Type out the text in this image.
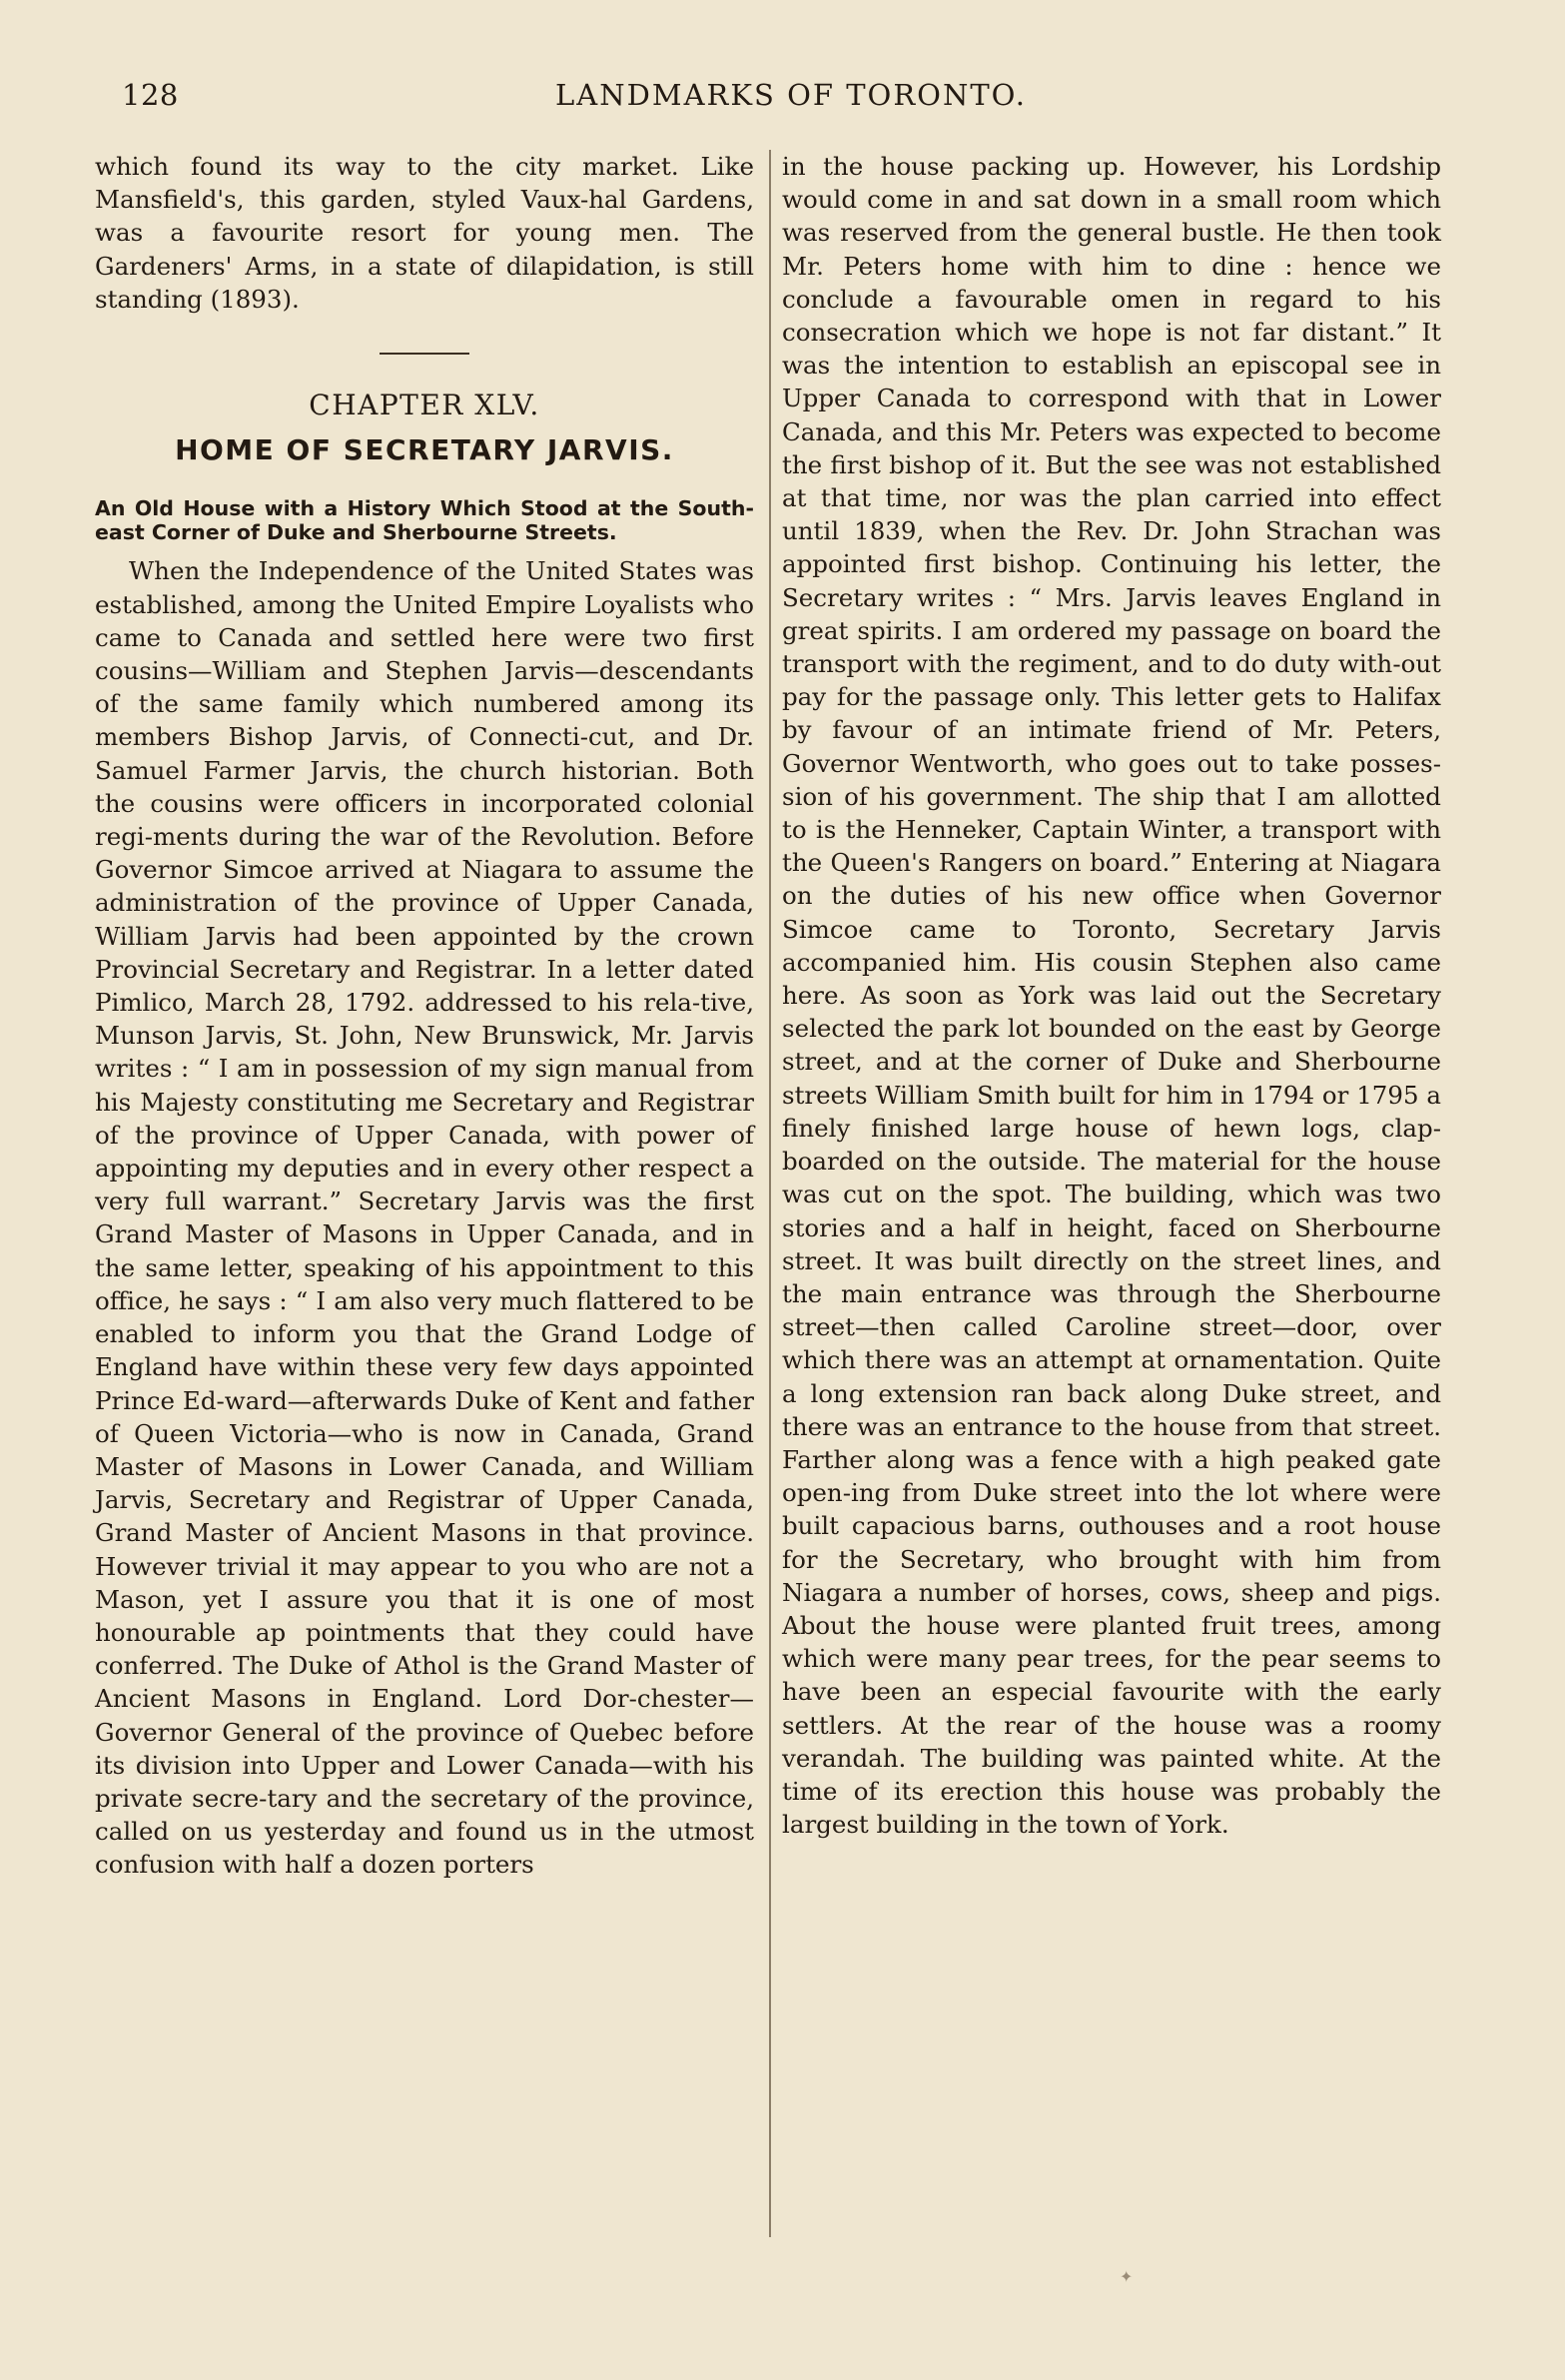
128	LANDMARKS OF TORONTO.

which found its way to the city market. Like Mansfield's, this garden, styled Vaux-hal Gardens, was a favourite resort for young men. The Gardeners' Arms, in a state of dilapidation, is still standing (1893).

CHAPTER XLV.
HOME OF SECRETARY JARVIS.
An Old House with a History Which Stood at the South-east Corner of Duke and Sherbourne Streets.

When the Independence of the United States was established, among the United Empire Loyalists who came to Canada and settled here were two first cousins—William and Stephen Jarvis—descendants of the same family which numbered among its members Bishop Jarvis, of Connecti-cut, and Dr. Samuel Farmer Jarvis, the church historian. Both the cousins were officers in incorporated colonial regi-ments during the war of the Revolution. Before Governor Simcoe arrived at Niagara to assume the administration of the province of Upper Canada, William Jarvis had been appointed by the crown Provincial Secretary and Registrar. In a letter dated Pimlico, March 28, 1792. addressed to his rela-tive, Munson Jarvis, St. John, New Brunswick, Mr. Jarvis writes : “ I am in possession of my sign manual from his Majesty constituting me Secretary and Registrar of the province of Upper Canada, with power of appointing my deputies and in every other respect a very full warrant.” Secretary Jarvis was the first Grand Master of Masons in Upper Canada, and in the same letter, speaking of his appointment to this office, he says : “ I am also very much flattered to be enabled to inform you that the Grand Lodge of England have within these very few days appointed Prince Ed-ward—afterwards Duke of Kent and father of Queen Victoria—who is now in Canada, Grand Master of Masons in Lower Canada, and William Jarvis, Secretary and Registrar of Upper Canada, Grand Master of Ancient Masons in that province. However trivial it may appear to you who are not a Mason, yet I assure you that it is one of most honourable ap pointments that they could have conferred. The Duke of Athol is the Grand Master of Ancient Masons in England. Lord Dor-chester—Governor General of the province of Quebec before its division into Upper and Lower Canada—with his private secre-tary and the secretary of the province, called on us yesterday and found us in the utmost confusion with half a dozen porters

in the house packing up. However, his Lordship would come in and sat down in a small room which was reserved from the general bustle. He then took Mr. Peters home with him to dine : hence we conclude a favourable omen in regard to his consecration which we hope is not far distant.” It was the intention to establish an episcopal see in Upper Canada to correspond with that in Lower Canada, and this Mr. Peters was expected to become the first bishop of it. But the see was not established at that time, nor was the plan carried into effect until 1839, when the Rev. Dr. John Strachan was appointed first bishop. Continuing his letter, the Secretary writes : “ Mrs. Jarvis leaves England in great spirits. I am ordered my passage on board the transport with the regiment, and to do duty with-out pay for the passage only. This letter gets to Halifax by favour of an intimate friend of Mr. Peters, Governor Wentworth, who goes out to take posses-sion of his government. The ship that I am allotted to is the Henneker, Captain Winter, a transport with the Queen's Rangers on board.” Entering at Niagara on the duties of his new office when Governor Simcoe came to Toronto, Secretary Jarvis accompanied him. His cousin Stephen also came here. As soon as York was laid out the Secretary selected the park lot bounded on the east by George street, and at the corner of Duke and Sherbourne streets William Smith built for him in 1794 or 1795 a finely finished large house of hewn logs, clap-boarded on the outside. The material for the house was cut on the spot. The building, which was two stories and a half in height, faced on Sherbourne street. It was built directly on the street lines, and the main entrance was through the Sherbourne street—then called Caroline street—door, over which there was an attempt at ornamentation. Quite a long extension ran back along Duke street, and there was an entrance to the house from that street. Farther along was a fence with a high peaked gate open-ing from Duke street into the lot where were built capacious barns, outhouses and a root house for the Secretary, who brought with him from Niagara a number of horses, cows, sheep and pigs. About the house were planted fruit trees, among which were many pear trees, for the pear seems to have been an especial favourite with the early settlers. At the rear of the house was a roomy verandah. The building was painted white. At the time of its erection this house was probably the largest building in the town of York.

✦
